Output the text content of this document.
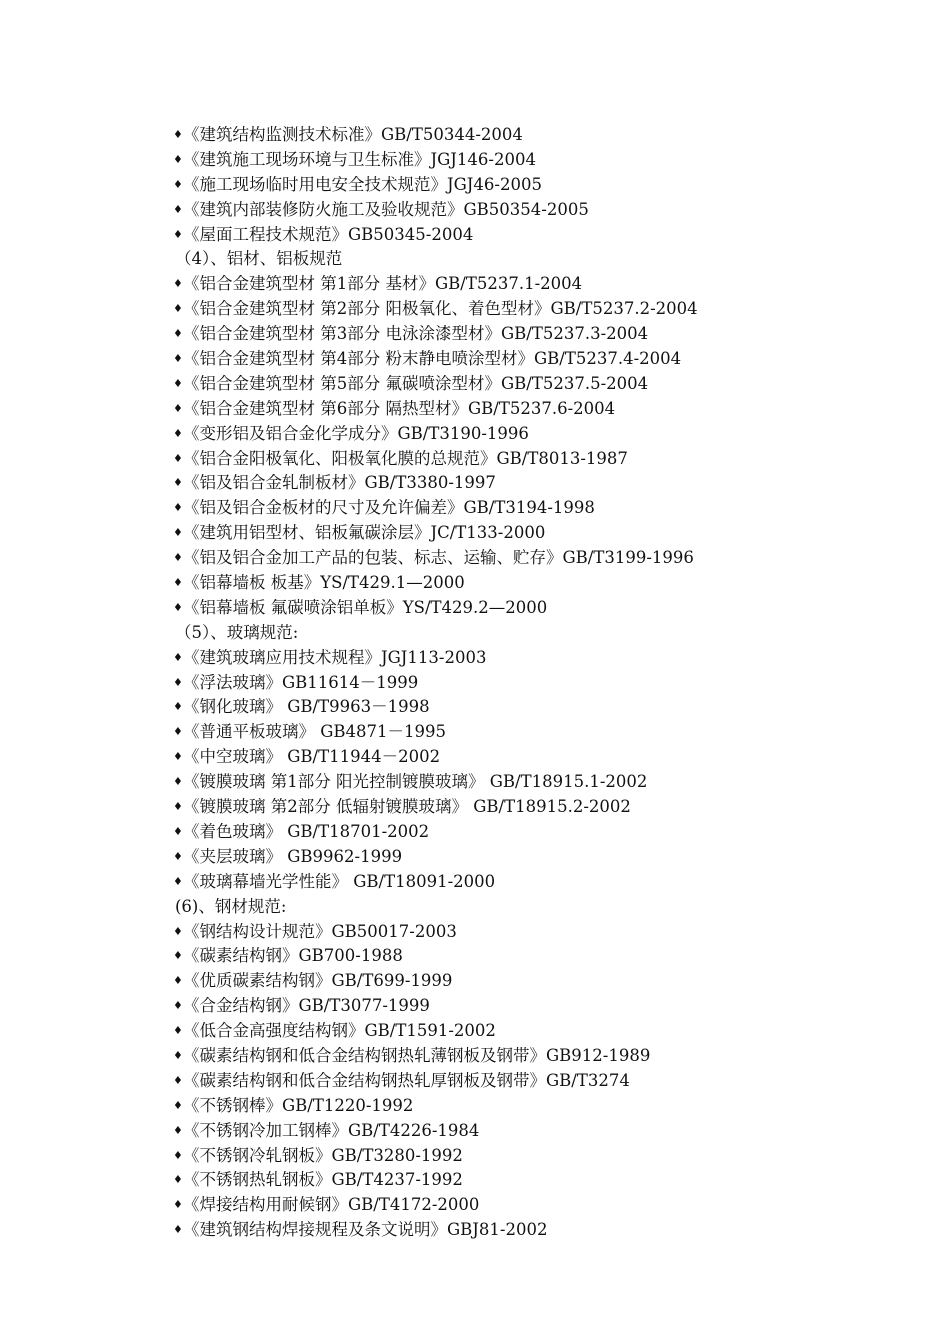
♦《建筑结构监测技术标准》GB/T50344-2004
♦《建筑施工现场环境与卫生标准》JGJ146-2004
♦《施工现场临时用电安全技术规范》JGJ46-2005
♦《建筑内部装修防火施工及验收规范》GB50354-2005
♦《屋面工程技术规范》GB50345-2004
（4）、铝材、铝板规范
♦《铝合金建筑型材 第1部分 基材》GB/T5237.1-2004
♦《铝合金建筑型材 第2部分 阳极氧化、着色型材》GB/T5237.2-2004
♦《铝合金建筑型材 第3部分 电泳涂漆型材》GB/T5237.3-2004
♦《铝合金建筑型材 第4部分 粉末静电喷涂型材》GB/T5237.4-2004
♦《铝合金建筑型材 第5部分 氟碳喷涂型材》GB/T5237.5-2004
♦《铝合金建筑型材 第6部分 隔热型材》GB/T5237.6-2004
♦《变形铝及铝合金化学成分》GB/T3190-1996
♦《铝合金阳极氧化、阳极氧化膜的总规范》GB/T8013-1987
♦《铝及铝合金轧制板材》GB/T3380-1997
♦《铝及铝合金板材的尺寸及允许偏差》GB/T3194-1998
♦《建筑用铝型材、铝板氟碳涂层》JC/T133-2000
♦《铝及铝合金加工产品的包装、标志、运输、贮存》GB/T3199-1996
♦《铝幕墙板 板基》YS/T429.1—2000
♦《铝幕墙板 氟碳喷涂铝单板》YS/T429.2—2000
（5）、玻璃规范:
♦《建筑玻璃应用技术规程》JGJ113-2003
♦《浮法玻璃》GB11614－1999
♦《钢化玻璃》 GB/T9963－1998
♦《普通平板玻璃》 GB4871－1995
♦《中空玻璃》 GB/T11944－2002
♦《镀膜玻璃 第1部分 阳光控制镀膜玻璃》 GB/T18915.1-2002
♦《镀膜玻璃 第2部分 低辐射镀膜玻璃》 GB/T18915.2-2002
♦《着色玻璃》 GB/T18701-2002
♦《夹层玻璃》 GB9962-1999
♦《玻璃幕墙光学性能》 GB/T18091-2000
(6)、钢材规范:
♦《钢结构设计规范》GB50017-2003
♦《碳素结构钢》GB700-1988
♦《优质碳素结构钢》GB/T699-1999
♦《合金结构钢》GB/T3077-1999
♦《低合金高强度结构钢》GB/T1591-2002
♦《碳素结构钢和低合金结构钢热轧薄钢板及钢带》GB912-1989
♦《碳素结构钢和低合金结构钢热轧厚钢板及钢带》GB/T3274
♦《不锈钢棒》GB/T1220-1992
♦《不锈钢冷加工钢棒》GB/T4226-1984
♦《不锈钢冷轧钢板》GB/T3280-1992
♦《不锈钢热轧钢板》GB/T4237-1992
♦《焊接结构用耐候钢》GB/T4172-2000
♦《建筑钢结构焊接规程及条文说明》GBJ81-2002
